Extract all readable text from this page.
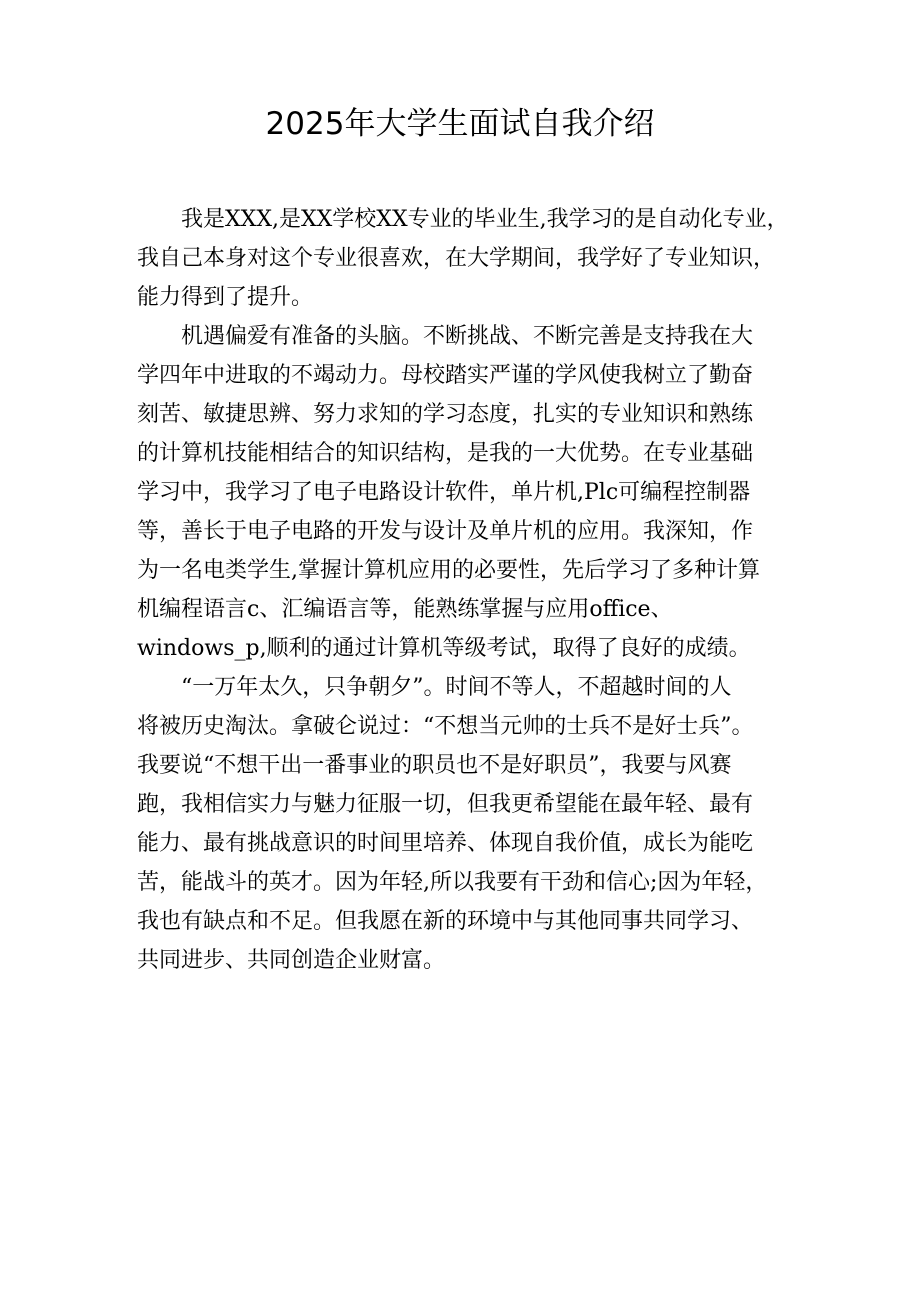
2025年大学生面试自我介绍
我是XXX,是XX学校XX专业的毕业生,我学习的是自动化专业，
我自己本身对这个专业很喜欢，在大学期间，我学好了专业知识，
能力得到了提升。
机遇偏爱有准备的头脑。不断挑战、不断完善是支持我在大
学四年中进取的不竭动力。母校踏实严谨的学风使我树立了勤奋
刻苦、敏捷思辨、努力求知的学习态度，扎实的专业知识和熟练
的计算机技能相结合的知识结构，是我的一大优势。在专业基础
学习中，我学习了电子电路设计软件，单片机,Plc可编程控制器
等，善长于电子电路的开发与设计及单片机的应用。我深知，作
为一名电类学生,掌握计算机应用的必要性，先后学习了多种计算
机编程语言c、汇编语言等，能熟练掌握与应用office、
windows_p,顺利的通过计算机等级考试，取得了良好的成绩。
“一万年太久，只争朝夕”。时间不等人，不超越时间的人
将被历史淘汰。拿破仑说过：“不想当元帅的士兵不是好士兵”。
我要说“不想干出一番事业的职员也不是好职员”，我要与风赛
跑，我相信实力与魅力征服一切，但我更希望能在最年轻、最有
能力、最有挑战意识的时间里培养、体现自我价值，成长为能吃
苦，能战斗的英才。因为年轻,所以我要有干劲和信心;因为年轻，
我也有缺点和不足。但我愿在新的环境中与其他同事共同学习、
共同进步、共同创造企业财富。
